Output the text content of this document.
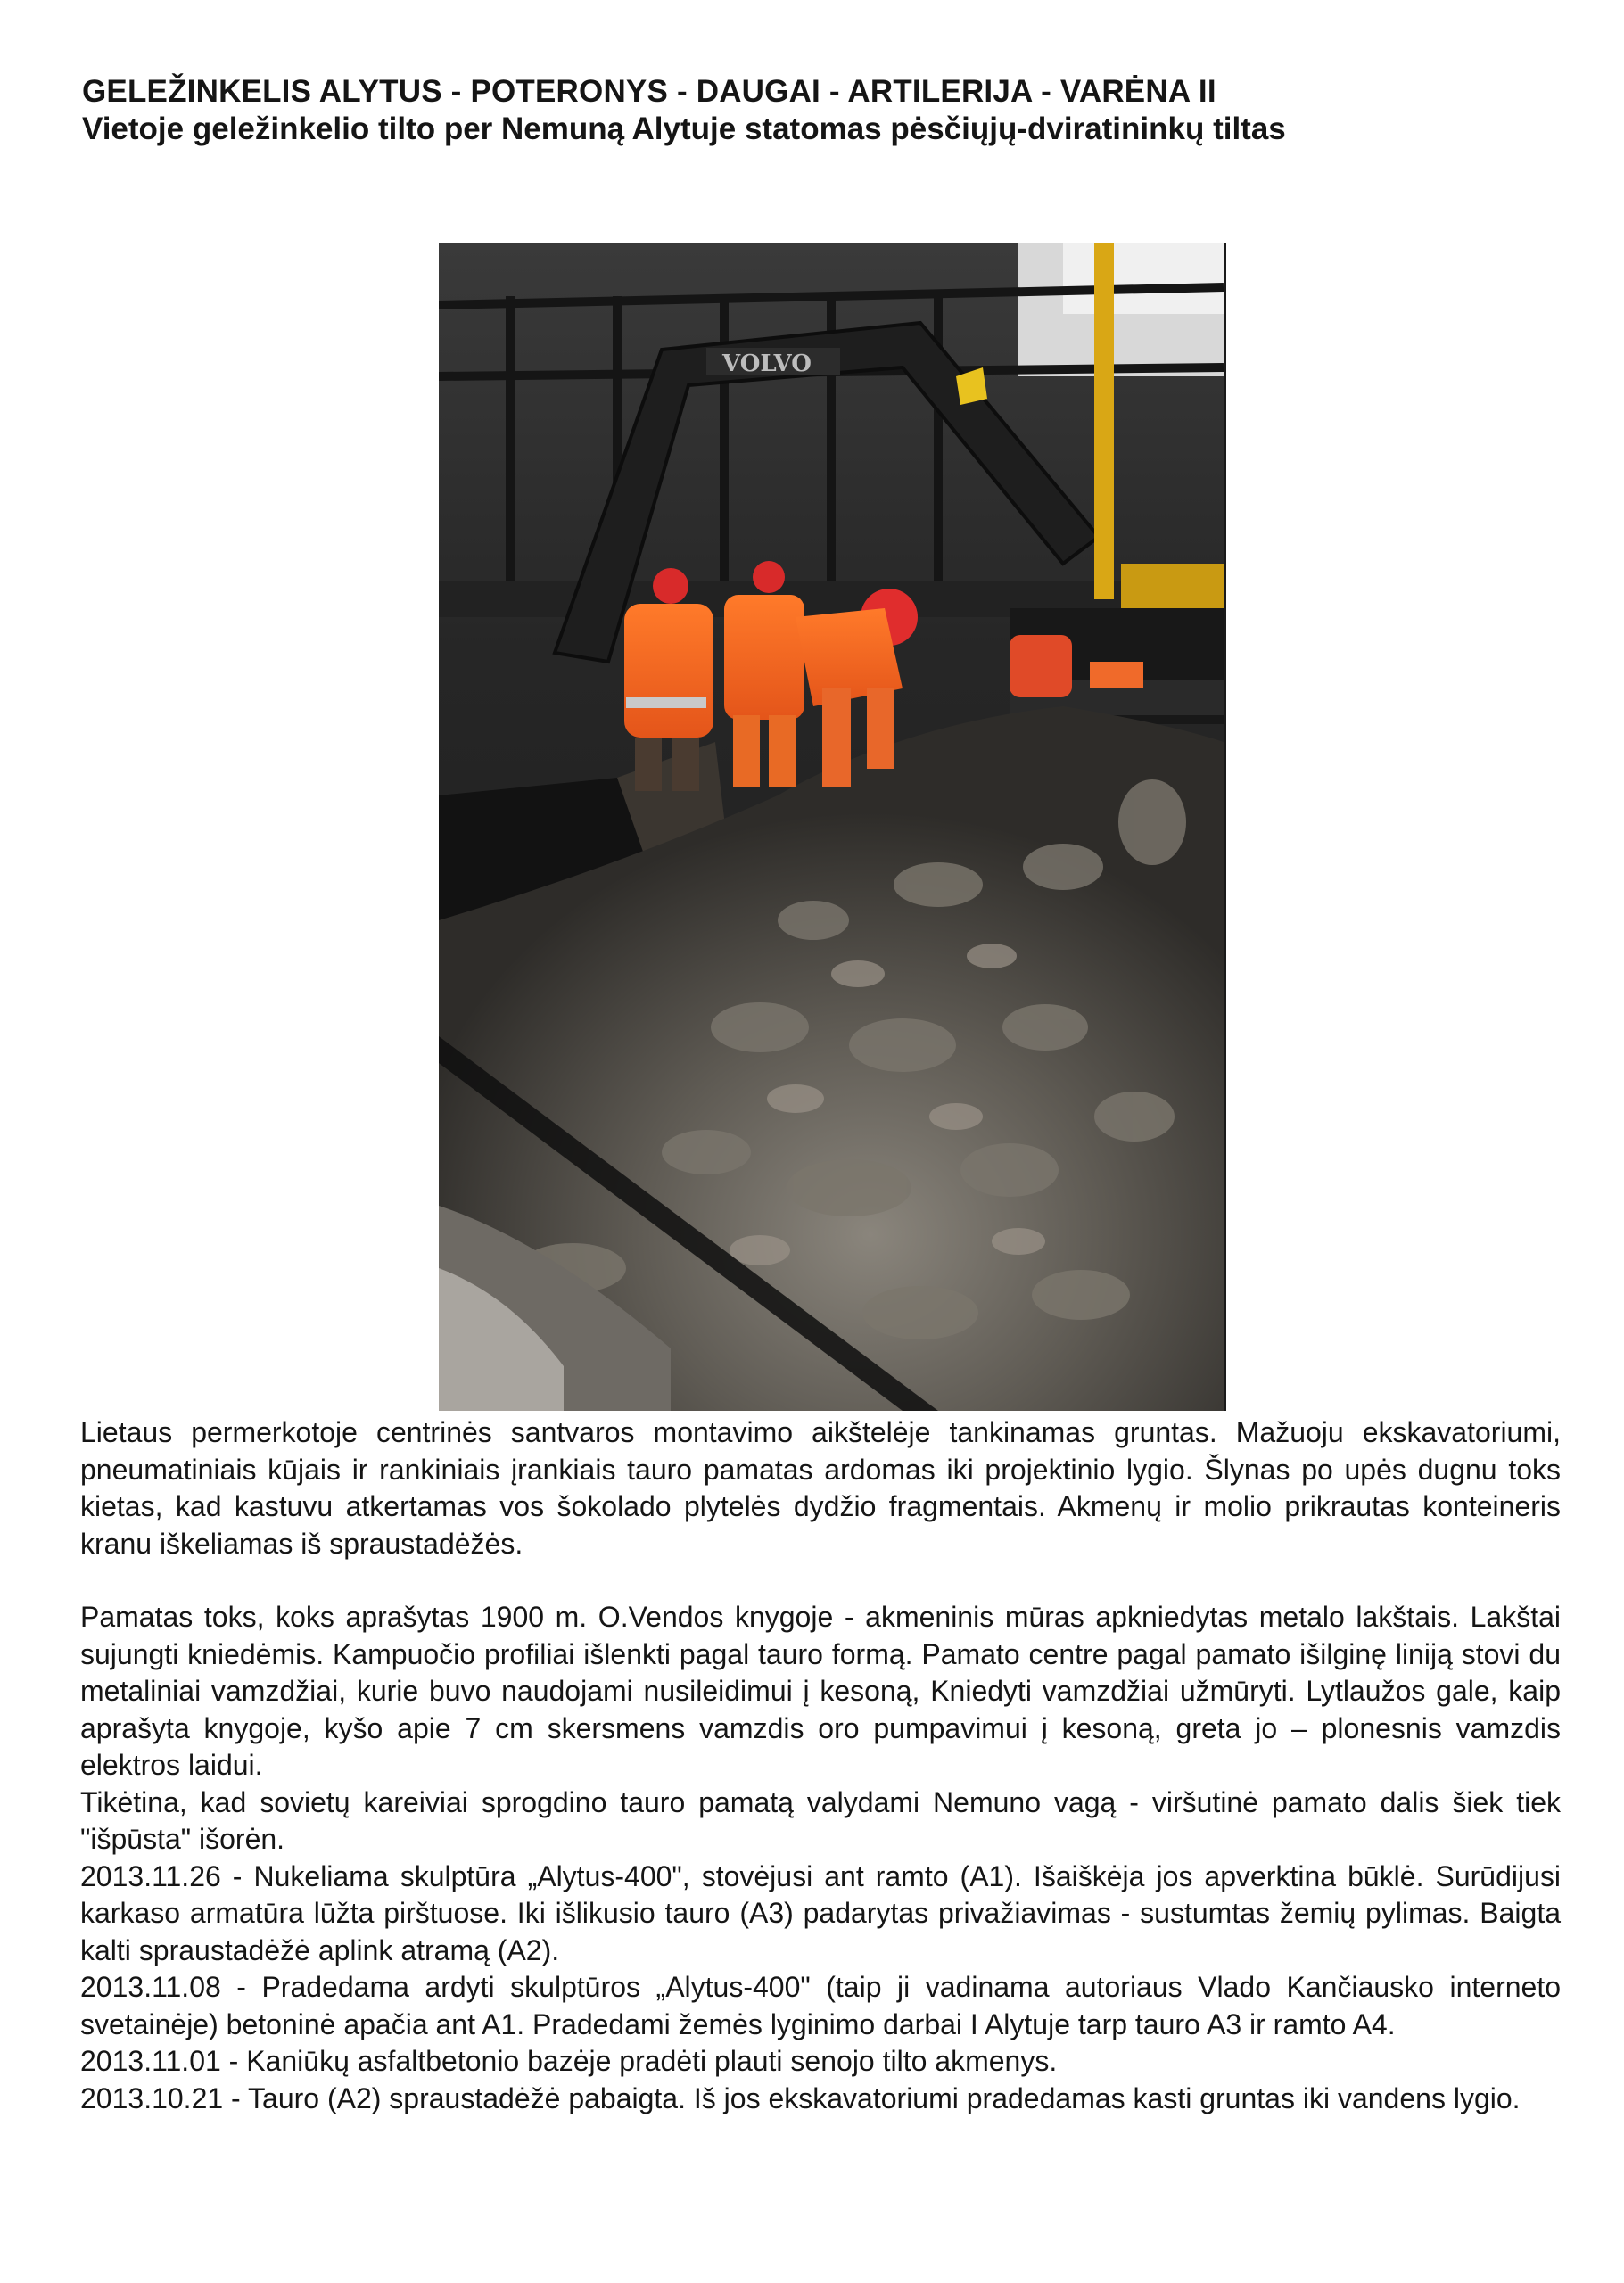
GELEŽINKELIS ALYTUS - POTERONYS - DAUGAI - ARTILERIJA - VARĖNA II

Vietoje geležinkelio tilto per Nemuną Alytuje statomas pėsčiųjų-dviratininkų tiltas

VOLVO

Lietaus permerkotoje centrinės santvaros montavimo aikštelėje tankinamas gruntas. Mažuoju ekskavatoriumi, pneumatiniais kūjais ir rankiniais įrankiais tauro pamatas ardomas iki projektinio lygio. Šlynas po upės dugnu toks kietas, kad kastuvu atkertamas vos šokolado plytelės dydžio fragmentais. Akmenų ir molio prikrautas konteineris kranu iškeliamas iš spraustadėžės.

Pamatas toks, koks aprašytas 1900 m. O.Vendos knygoje - akmeninis mūras apkniedytas metalo lakštais. Lakštai sujungti kniedėmis. Kampuočio profiliai išlenkti pagal tauro formą. Pamato centre pagal pamato išilginę liniją stovi du metaliniai vamzdžiai, kurie buvo naudojami nusileidimui į kesoną, Kniedyti vamzdžiai užmūryti. Lytlaužos gale, kaip aprašyta knygoje, kyšo apie 7 cm skersmens vamzdis oro pumpavimui į kesoną, greta jo – plonesnis vamzdis elektros laidui.

Tikėtina, kad sovietų kareiviai sprogdino tauro pamatą valydami Nemuno vagą - viršutinė pamato dalis šiek tiek "išpūsta" išorėn.

2013.11.26 - Nukeliama skulptūra „Alytus-400", stovėjusi ant ramto (A1). Išaiškėja jos apverktina būklė. Surūdijusi karkaso armatūra lūžta pirštuose. Iki išlikusio tauro (A3) padarytas privažiavimas - sustumtas žemių pylimas. Baigta kalti spraustadėžė aplink atramą (A2).

2013.11.08 - Pradedama ardyti skulptūros „Alytus-400" (taip ji vadinama autoriaus Vlado Kančiausko interneto svetainėje) betoninė apačia ant A1. Pradedami žemės lyginimo darbai I Alytuje tarp tauro A3 ir ramto A4.

2013.11.01 - Kaniūkų asfaltbetonio bazėje pradėti plauti senojo tilto akmenys.

2013.10.21 - Tauro (A2) spraustadėžė pabaigta. Iš jos ekskavatoriumi pradedamas kasti gruntas iki vandens lygio.
